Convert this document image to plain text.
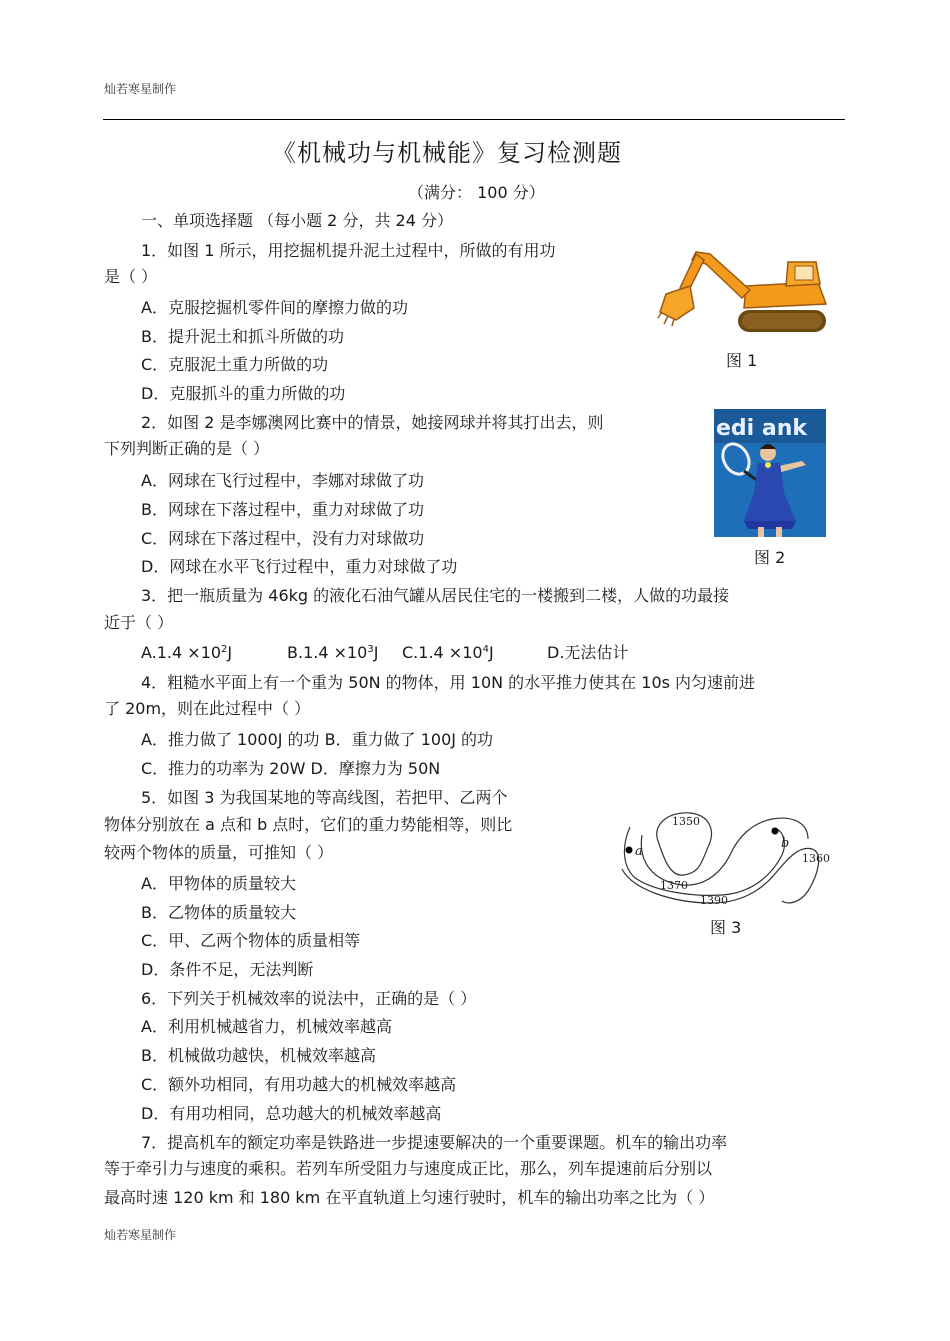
灿若寒星制作
灿若寒星制作
《机械功与机械能》复习检测题
（满分： 100 分）
一、单项选择题 （每小题 2 分，共 24 分）
1．如图 1 所示，用挖掘机提升泥土过程中，所做的有用功
是（ ）
A．克服挖掘机零件间的摩擦力做的功
B．提升泥土和抓斗所做的功
C．克服泥土重力所做的功
D．克服抓斗的重力所做的功
图 1
2．如图 2 是李娜澳网比赛中的情景，她接网球并将其打出去，则
下列判断正确的是（ ）
A．网球在飞行过程中，李娜对球做了功
B．网球在下落过程中，重力对球做了功
C．网球在下落过程中，没有力对球做功
D．网球在水平飞行过程中，重力对球做了功
edi ank
图 2
3．把一瓶质量为 46kg 的液化石油气罐从居民住宅的一楼搬到二楼，人做的功最接
近于（ ）
$A.1.4 \times 10^2J$	$B.1.4 \times 10^3J$ $C.1.4 \times 10^4J$	D.无法估计
4．粗糙水平面上有一个重为 50N 的物体，用 10N 的水平推力使其在 10s 内匀速前进
了 20m，则在此过程中（ ）
A．推力做了 1000J 的功 B．重力做了 100J 的功
C．推力的功率为 20W D．摩擦力为 50N
5．如图 3 为我国某地的等高线图，若把甲、乙两个
物体分别放在 a 点和 b 点时，它们的重力势能相等，则比
较两个物体的质量，可推知（ ）
A．甲物体的质量较大
B．乙物体的质量较大
C．甲、乙两个物体的质量相等
D．条件不足，无法判断
a
b
1350
1370
1390
1360
图 3
6．下列关于机械效率的说法中，正确的是（ ）
A．利用机械越省力，机械效率越高
B．机械做功越快，机械效率越高
C．额外功相同，有用功越大的机械效率越高
D．有用功相同，总功越大的机械效率越高
7．提高机车的额定功率是铁路进一步提速要解决的一个重要课题。机车的输出功率
等于牵引力与速度的乘积。若列车所受阻力与速度成正比，那么，列车提速前后分别以
最高时速 120 km 和 180 km 在平直轨道上匀速行驶时，机车的输出功率之比为（ ）
